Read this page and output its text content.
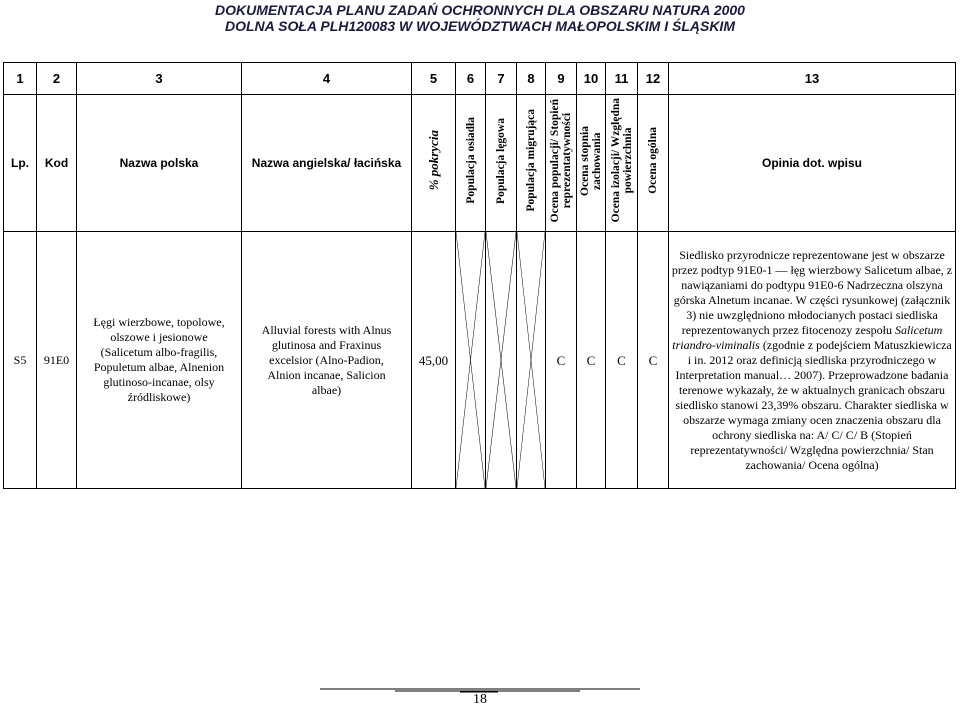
DOKUMENTACJA PLANU ZADAŃ OCHRONNYCH DLA OBSZARU NATURA 2000
DOLNA SOŁA PLH120083 W WOJEWÓDZTWACH MAŁOPOLSKIM I ŚLĄSKIM
1	2	3	4	5	6	7	8	9	10	11	12	13
Lp.	Kod	Nazwa polska	Nazwa angielska/ łacińska	% pokrycia	Populacja osiadła	Populacja lęgowa	Populacja migrująca	Ocena populacji/ Stopień
reprezentatywności	Ocena stopnia
zachowania	Ocena izolacji/ Względna
powierzchnia	Ocena ogólna	Opinia dot. wpisu
S5	91E0	Łęgi wierzbowe, topolowe, olszowe i jesionowe (Salicetum albo-fragilis, Populetum albae, Alnenion glutinoso-incanae, olsy źródliskowe)	Alluvial forests with Alnus glutinosa and Fraxinus excelsior (Alno-Padion, Alnion incanae, Salicion albae)	45,00				C	C	C	C	Siedlisko przyrodnicze reprezentowane jest w obszarze przez podtyp 91E0-1 — łęg wierzbowy Salicetum albae, z nawiązaniami do podtypu 91E0-6 Nadrzeczna olszyna górska Alnetum incanae. W części rysunkowej (załącznik 3) nie uwzględniono młodocianych postaci siedliska reprezentowanych przez fitocenozy zespołu Salicetum triandro-viminalis (zgodnie z podejściem Matuszkiewicza i in. 2012 oraz definicją siedliska przyrodniczego w Interpretation manual… 2007). Przeprowadzone badania terenowe wykazały, że w aktualnych granicach obszaru siedlisko stanowi 23,39% obszaru. Charakter siedliska w obszarze wymaga zmiany ocen znaczenia obszaru dla ochrony siedliska na: A/ C/ C/ B (Stopień reprezentatywności/ Względna powierzchnia/ Stan zachowania/ Ocena ogólna)
18
